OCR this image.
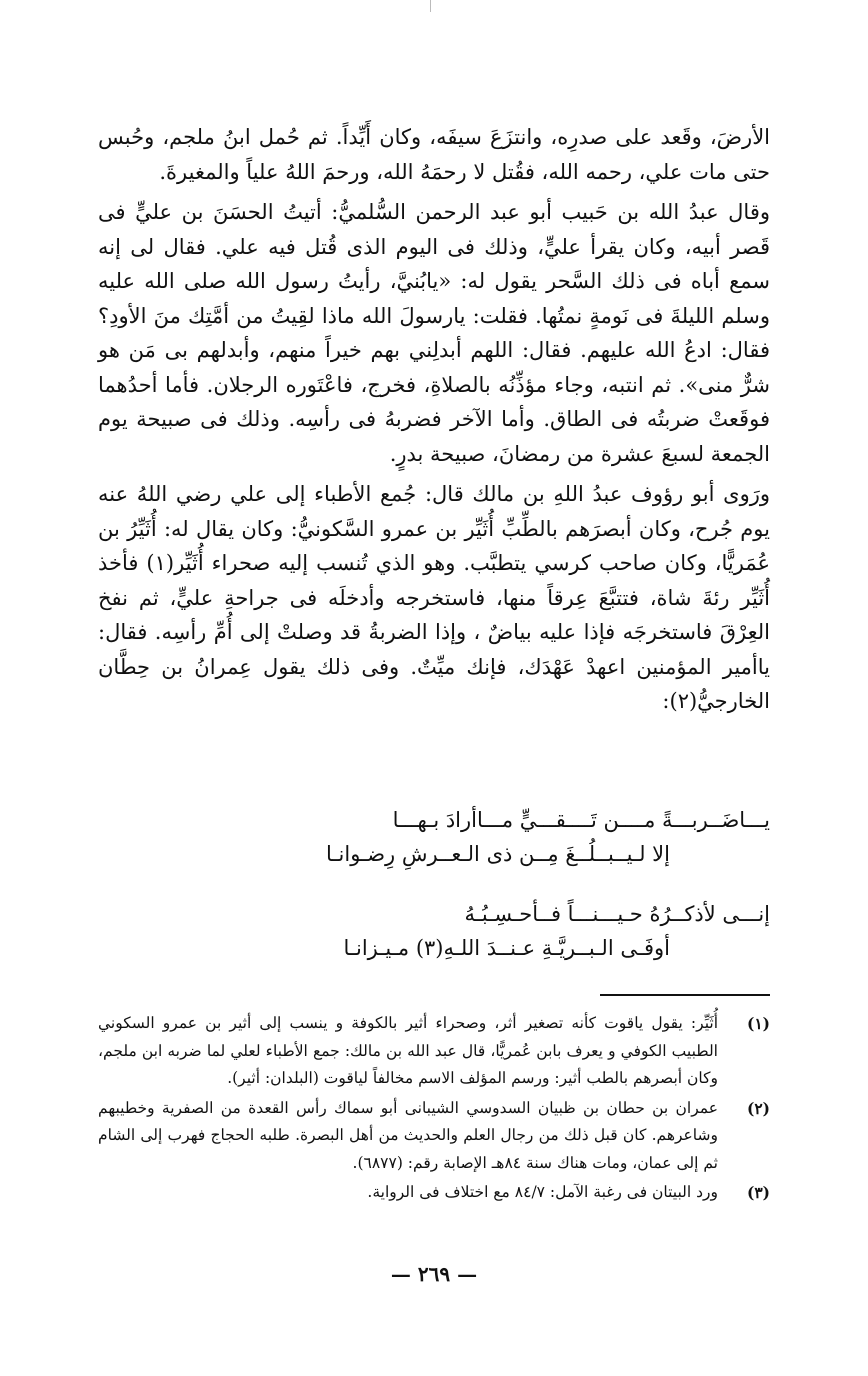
الأرضَ، وقَعد على صدرِه، وانتزَعَ سيفَه، وكان أَيِّداً. ثم حُمل ابنُ ملجم، وحُبس حتى مات علي، رحمه الله، فقُتل لا رحمَهُ الله، ورحمَ اللهُ علياً والمغيرةَ.

وقال عبدُ الله بن حَبيب أبو عبد الرحمن السُّلميُّ: أتيتُ الحسَنَ بن عليٍّ فى قَصر أبيه، وكان يقرأ عليٍّ، وذلك فى اليوم الذى قُتل فيه علي. فقال لى إنه سمع أباه فى ذلك السَّحر يقول له: «يابُنيَّ، رأيتُ رسول الله صلى الله عليه وسلم الليلةَ فى نَومةٍ نمتُها. فقلت: يارسولَ الله ماذا لقِيتُ من أمَّتِك منَ الأودِ؟ فقال: ادعُ الله عليهم. فقال: اللهم أبدلِني بهم خيراً منهم، وأبدلهم بى مَن هو شرٌّ منى». ثم انتبه، وجاء مؤذِّنُه بالصلاةِ، فخرج، فاعْتَوره الرجلان. فأما أحدُهما فوقَعتْ ضربتُه فى الطاق. وأما الآخر فضربهُ فى رأسِه. وذلك فى صبيحة يوم الجمعة لسبعَ عشرة من رمضانَ، صبيحة بدرٍ.

ورَوى أبو رؤوف عبدُ اللهِ بن مالك قال: جُمع الأطباء إلى علي رضي اللهُ عنه يوم جُرح، وكان أبصرَهم بالطِّبِّ أُثَيِّر بن عمرو السَّكونيُّ: وكان يقال له: أُثَيِّرُ بن عُمَريًّا، وكان صاحب كرسي يتطبَّب. وهو الذي تُنسب إليه صحراء أُثَيِّر(١) فأخذ أُثَيِّر رئةَ شاة، فتتبَّعَ عِرقاً منها، فاستخرجه وأدخلَه فى جراحةِ عليٍّ، ثم نفخ العِرْقَ فاستخرجَه فإذا عليه بياضٌ ، وإذا الضربةُ قد وصلتْ إلى أُمِّ رأسِه. فقال: ياأمير المؤمنين اعهدْ عَهْدَك، فإنك ميِّتٌ. وفى ذلك يقول عِمرانُ بن حِطَّان الخارجيُّ(٢):

يـــاضَــربـــةً مــــن تَــــقـــيٍّ مـــاأرادَ بـهـــا
إلا لـيــبــلُــغَ مِــن ذى الـعــرشِ رِضـوانـا
إنـــى لأذكــرُهُ حـيـــنـــاً فــأحـسِـبُـهُ
أوفَـى الـبــريَّـةِ عـنــدَ اللـهِ(٣) مـيـزانـا
(١)
أُثَيِّر: يقول ياقوت كأنه تصغير أثر، وصحراء أثير بالكوفة و ينسب إلى أثير بن عمرو السكوني الطبيب الكوفي و يعرف بابن عُمريًّا، قال عبد الله بن مالك: جمع الأطباء لعلي لما ضربه ابن ملجم، وكان أبصرهم بالطب أثير: ورسم المؤلف الاسم مخالفاً لياقوت (البلدان: أثير).
(٢)
عمران بن حطان بن ظبيان السدوسي الشيبانى أبو سماك رأس القعدة من الصفرية وخطيبهم وشاعرهم. كان قبل ذلك من رجال العلم والحديث من أهل البصرة. طلبه الحجاج فهرب إلى الشام ثم إلى عمان، ومات هناك سنة ٨٤هـ الإصابة رقم: (٦٨٧٧).
(٣)
ورد البيتان فى رغبة الآمل: ٨٤/٧ مع اختلاف فى الرواية.
— ٢٦٩ —
